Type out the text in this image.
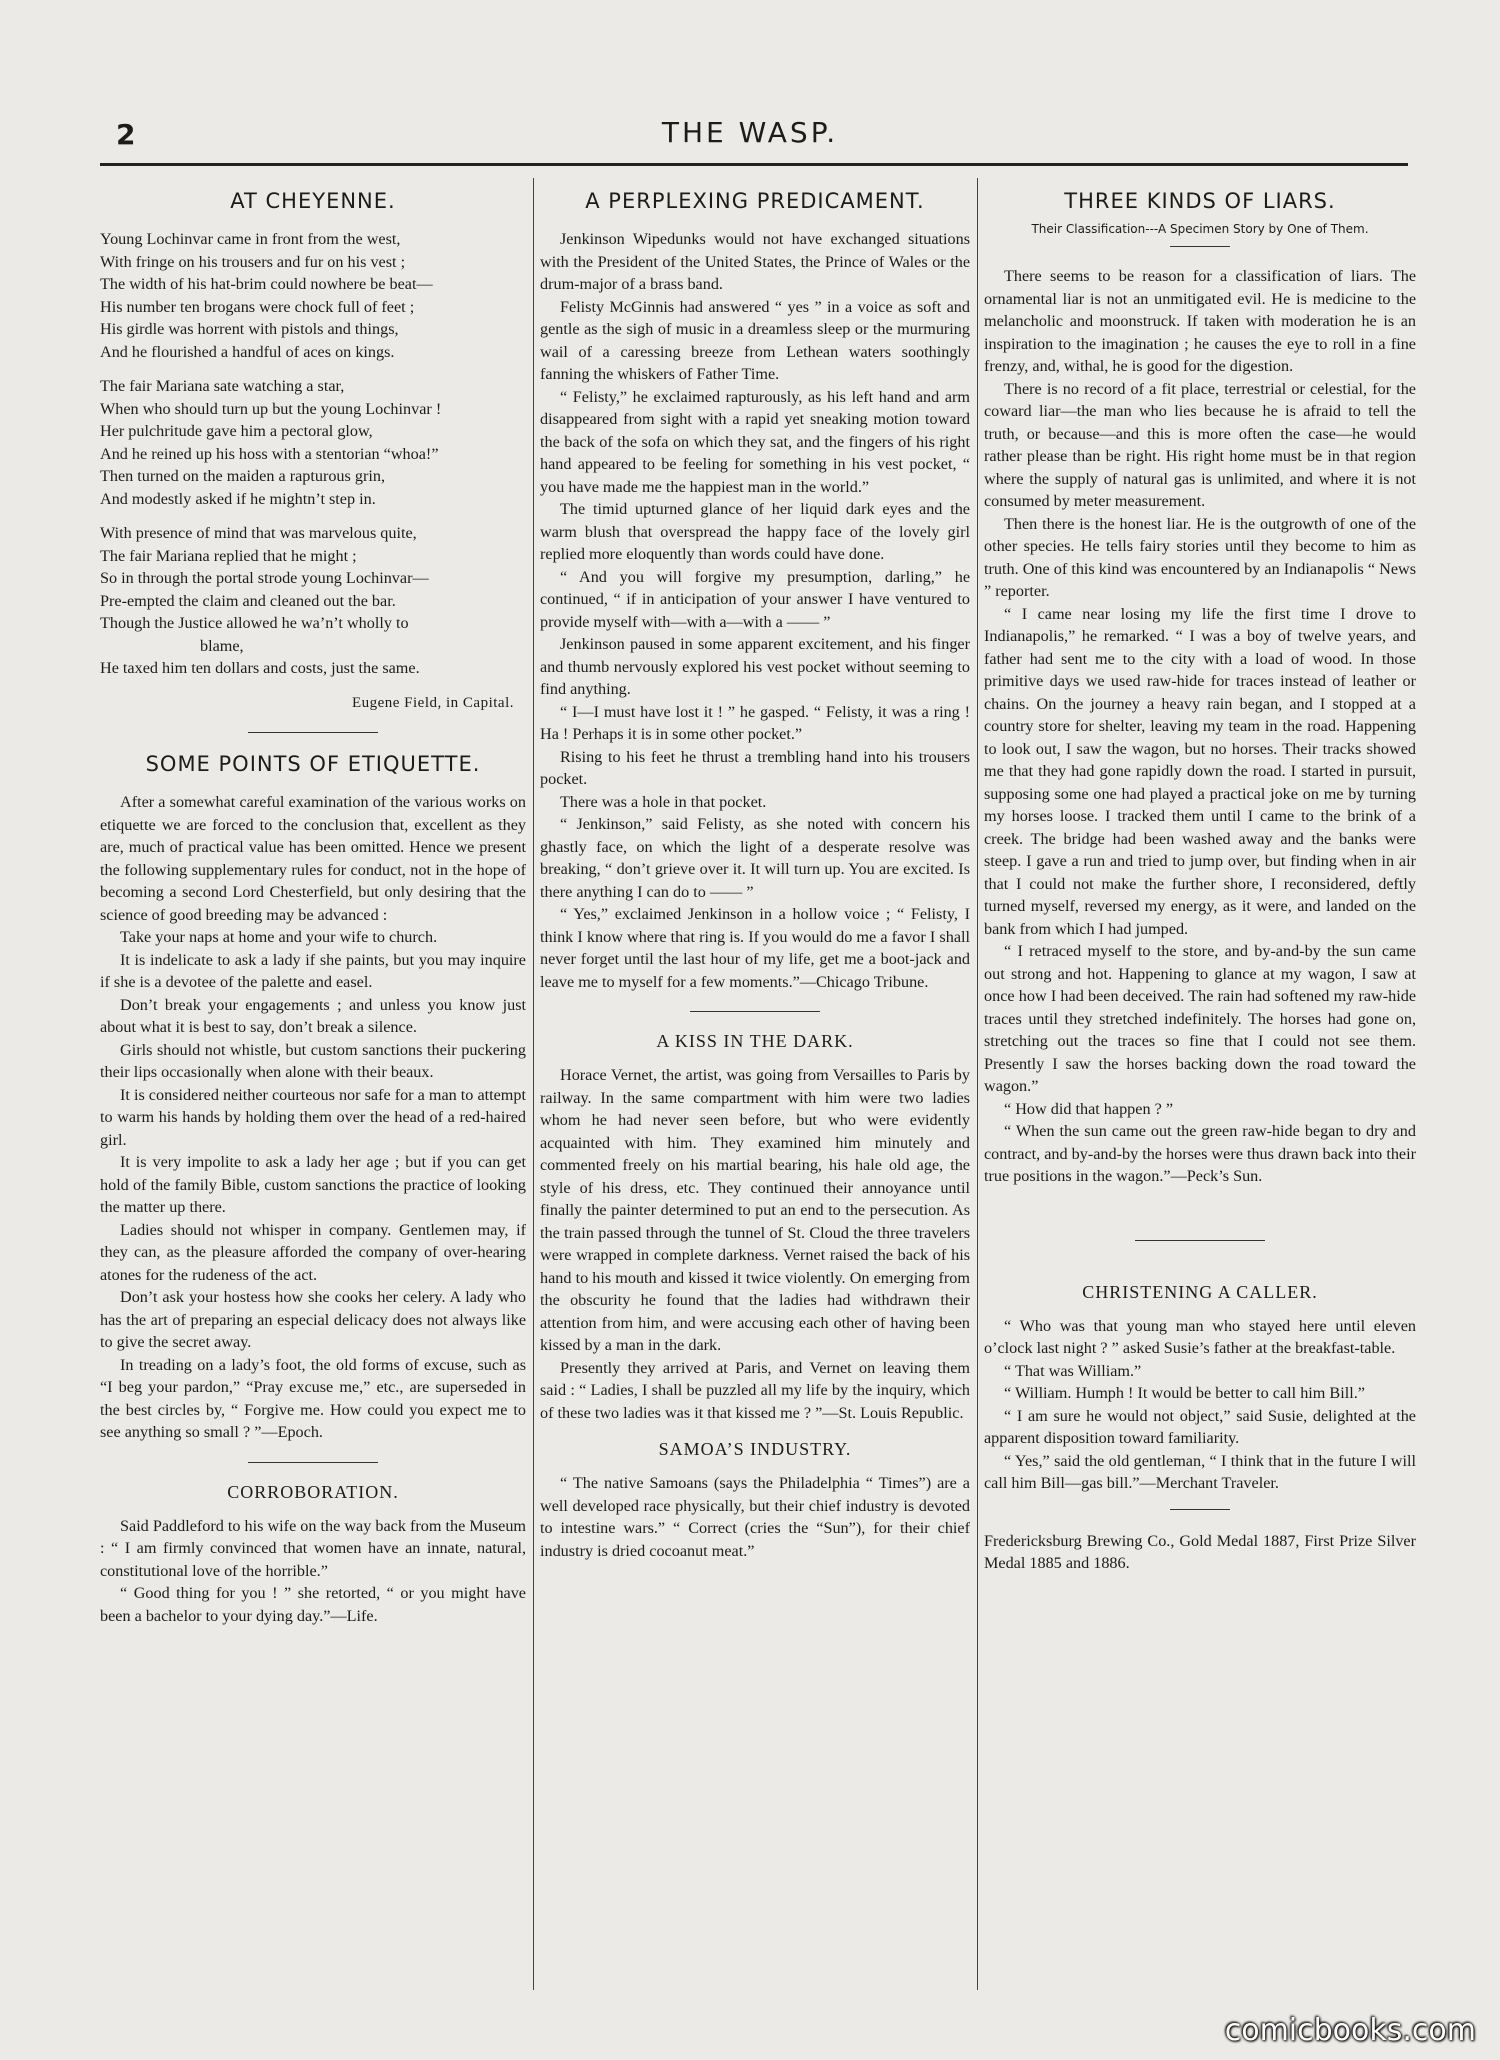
2	THE WASP.
AT CHEYENNE.

Young Lochinvar came in front from the west,

With fringe on his trousers and fur on his vest ;

The width of his hat-brim could nowhere be beat—

His number ten brogans were chock full of feet ;

His girdle was horrent with pistols and things,

And he flourished a handful of aces on kings.

The fair Mariana sate watching a star,

When who should turn up but the young Lochinvar !

Her pulchritude gave him a pectoral glow,

And he reined up his hoss with a stentorian “whoa!”

Then turned on the maiden a rapturous grin,

And modestly asked if he mightn’t step in.

With presence of mind that was marvelous quite,

The fair Mariana replied that he might ;

So in through the portal strode young Lochinvar—

Pre-empted the claim and cleaned out the bar.

Though the Justice allowed he wa’n’t wholly to

blame,

He taxed him ten dollars and costs, just the same.

Eugene Field, in Capital.

SOME POINTS OF ETIQUETTE.

After a somewhat careful examination of the various works on etiquette we are forced to the conclusion that, excellent as they are, much of practical value has been omitted. Hence we present the following supplementary rules for conduct, not in the hope of becoming a second Lord Chesterfield, but only desiring that the science of good breeding may be advanced :

Take your naps at home and your wife to church.

It is indelicate to ask a lady if she paints, but you may inquire if she is a devotee of the palette and easel.

Don’t break your engagements ; and unless you know just about what it is best to say, don’t break a silence.

Girls should not whistle, but custom sanctions their puckering their lips occasionally when alone with their beaux.

It is considered neither courteous nor safe for a man to attempt to warm his hands by holding them over the head of a red-haired girl.

It is very impolite to ask a lady her age ; but if you can get hold of the family Bible, custom sanctions the practice of looking the matter up there.

Ladies should not whisper in company. Gentlemen may, if they can, as the pleasure afforded the company of over-hearing atones for the rudeness of the act.

Don’t ask your hostess how she cooks her celery. A lady who has the art of preparing an especial delicacy does not always like to give the secret away.

In treading on a lady’s foot, the old forms of excuse, such as “I beg your pardon,” “Pray excuse me,” etc., are superseded in the best circles by, “ Forgive me. How could you expect me to see anything so small ? ”—Epoch.

CORROBORATION.

Said Paddleford to his wife on the way back from the Museum : “ I am firmly convinced that women have an innate, natural, constitutional love of the horrible.”

“ Good thing for you ! ” she retorted, “ or you might have been a bachelor to your dying day.”—Life.

A PERPLEXING PREDICAMENT.

Jenkinson Wipedunks would not have exchanged situations with the President of the United States, the Prince of Wales or the drum-major of a brass band.

Felisty McGinnis had answered “ yes ” in a voice as soft and gentle as the sigh of music in a dreamless sleep or the murmuring wail of a caressing breeze from Lethean waters soothingly fanning the whiskers of Father Time.

“ Felisty,” he exclaimed rapturously, as his left hand and arm disappeared from sight with a rapid yet sneaking motion toward the back of the sofa on which they sat, and the fingers of his right hand appeared to be feeling for something in his vest pocket, “ you have made me the happiest man in the world.”

The timid upturned glance of her liquid dark eyes and the warm blush that overspread the happy face of the lovely girl replied more eloquently than words could have done.

“ And you will forgive my presumption, darling,” he continued, “ if in anticipation of your answer I have ventured to provide myself with—with a—with a —— ”

Jenkinson paused in some apparent excitement, and his finger and thumb nervously explored his vest pocket without seeming to find anything.

“ I—I must have lost it ! ” he gasped. “ Felisty, it was a ring ! Ha ! Perhaps it is in some other pocket.”

Rising to his feet he thrust a trembling hand into his trousers pocket.

There was a hole in that pocket.

“ Jenkinson,” said Felisty, as she noted with concern his ghastly face, on which the light of a desperate resolve was breaking, “ don’t grieve over it. It will turn up. You are excited. Is there anything I can do to —— ”

“ Yes,” exclaimed Jenkinson in a hollow voice ; “ Felisty, I think I know where that ring is. If you would do me a favor I shall never forget until the last hour of my life, get me a boot-jack and leave me to myself for a few moments.”—Chicago Tribune.

A KISS IN THE DARK.

Horace Vernet, the artist, was going from Versailles to Paris by railway. In the same compartment with him were two ladies whom he had never seen before, but who were evidently acquainted with him. They examined him minutely and commented freely on his martial bearing, his hale old age, the style of his dress, etc. They continued their annoyance until finally the painter determined to put an end to the persecution. As the train passed through the tunnel of St. Cloud the three travelers were wrapped in complete darkness. Vernet raised the back of his hand to his mouth and kissed it twice violently. On emerging from the obscurity he found that the ladies had withdrawn their attention from him, and were accusing each other of having been kissed by a man in the dark.

Presently they arrived at Paris, and Vernet on leaving them said : “ Ladies, I shall be puzzled all my life by the inquiry, which of these two ladies was it that kissed me ? ”—St. Louis Republic.

SAMOA’S INDUSTRY.

“ The native Samoans (says the Philadelphia “ Times”) are a well developed race physically, but their chief industry is devoted to intestine wars.” “ Correct (cries the “Sun”), for their chief industry is dried cocoanut meat.”

THREE KINDS OF LIARS.
Their Classification---A Specimen Story by One of Them.

There seems to be reason for a classification of liars. The ornamental liar is not an unmitigated evil. He is medicine to the melancholic and moonstruck. If taken with moderation he is an inspiration to the imagination ; he causes the eye to roll in a fine frenzy, and, withal, he is good for the digestion.

There is no record of a fit place, terrestrial or celestial, for the coward liar—the man who lies because he is afraid to tell the truth, or because—and this is more often the case—he would rather please than be right. His right home must be in that region where the supply of natural gas is unlimited, and where it is not consumed by meter measurement.

Then there is the honest liar. He is the outgrowth of one of the other species. He tells fairy stories until they become to him as truth. One of this kind was encountered by an Indianapolis “ News ” reporter.

“ I came near losing my life the first time I drove to Indianapolis,” he remarked. “ I was a boy of twelve years, and father had sent me to the city with a load of wood. In those primitive days we used raw-hide for traces instead of leather or chains. On the journey a heavy rain began, and I stopped at a country store for shelter, leaving my team in the road. Happening to look out, I saw the wagon, but no horses. Their tracks showed me that they had gone rapidly down the road. I started in pursuit, supposing some one had played a practical joke on me by turning my horses loose. I tracked them until I came to the brink of a creek. The bridge had been washed away and the banks were steep. I gave a run and tried to jump over, but finding when in air that I could not make the further shore, I reconsidered, deftly turned myself, reversed my energy, as it were, and landed on the bank from which I had jumped.

“ I retraced myself to the store, and by-and-by the sun came out strong and hot. Happening to glance at my wagon, I saw at once how I had been deceived. The rain had softened my raw-hide traces until they stretched indefinitely. The horses had gone on, stretching out the traces so fine that I could not see them. Presently I saw the horses backing down the road toward the wagon.”

“ How did that happen ? ”

“ When the sun came out the green raw-hide began to dry and contract, and by-and-by the horses were thus drawn back into their true positions in the wagon.”—Peck’s Sun.

CHRISTENING A CALLER.

“ Who was that young man who stayed here until eleven o’clock last night ? ” asked Susie’s father at the breakfast-table.

“ That was William.”

“ William. Humph ! It would be better to call him Bill.”

“ I am sure he would not object,” said Susie, delighted at the apparent disposition toward familiarity.

“ Yes,” said the old gentleman, “ I think that in the future I will call him Bill—gas bill.”—Merchant Traveler.

Fredericksburg Brewing Co., Gold Medal 1887, First Prize Silver Medal 1885 and 1886.

comicbooks.com
